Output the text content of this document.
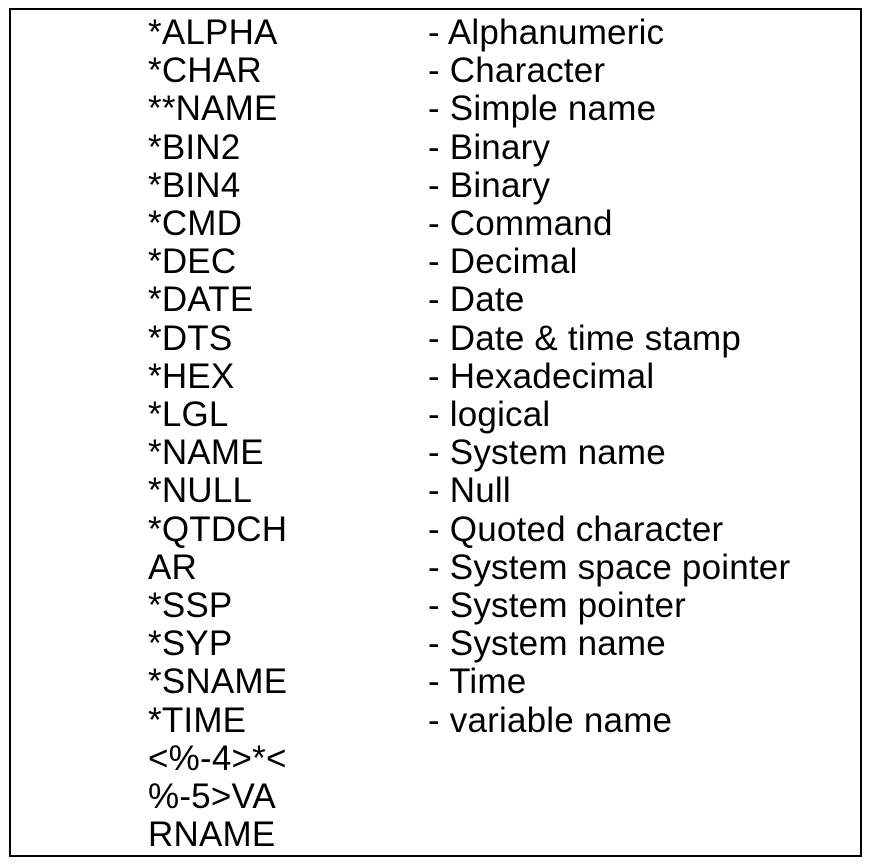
*ALPHA	- Alphanumeric
*CHAR	- Character
**NAME	- Simple name
*BIN2	- Binary
*BIN4	- Binary
*CMD	- Command
*DEC	- Decimal
*DATE	- Date
*DTS	- Date & time stamp
*HEX	- Hexadecimal
*LGL	- logical
*NAME	- System name
*NULL	- Null
*QTDCH	- Quoted character
AR	- System space pointer
*SSP	- System pointer
*SYP	- System name
*SNAME	- Time
*TIME	- variable name
<%-4>*<
%-5>VA
RNAME
